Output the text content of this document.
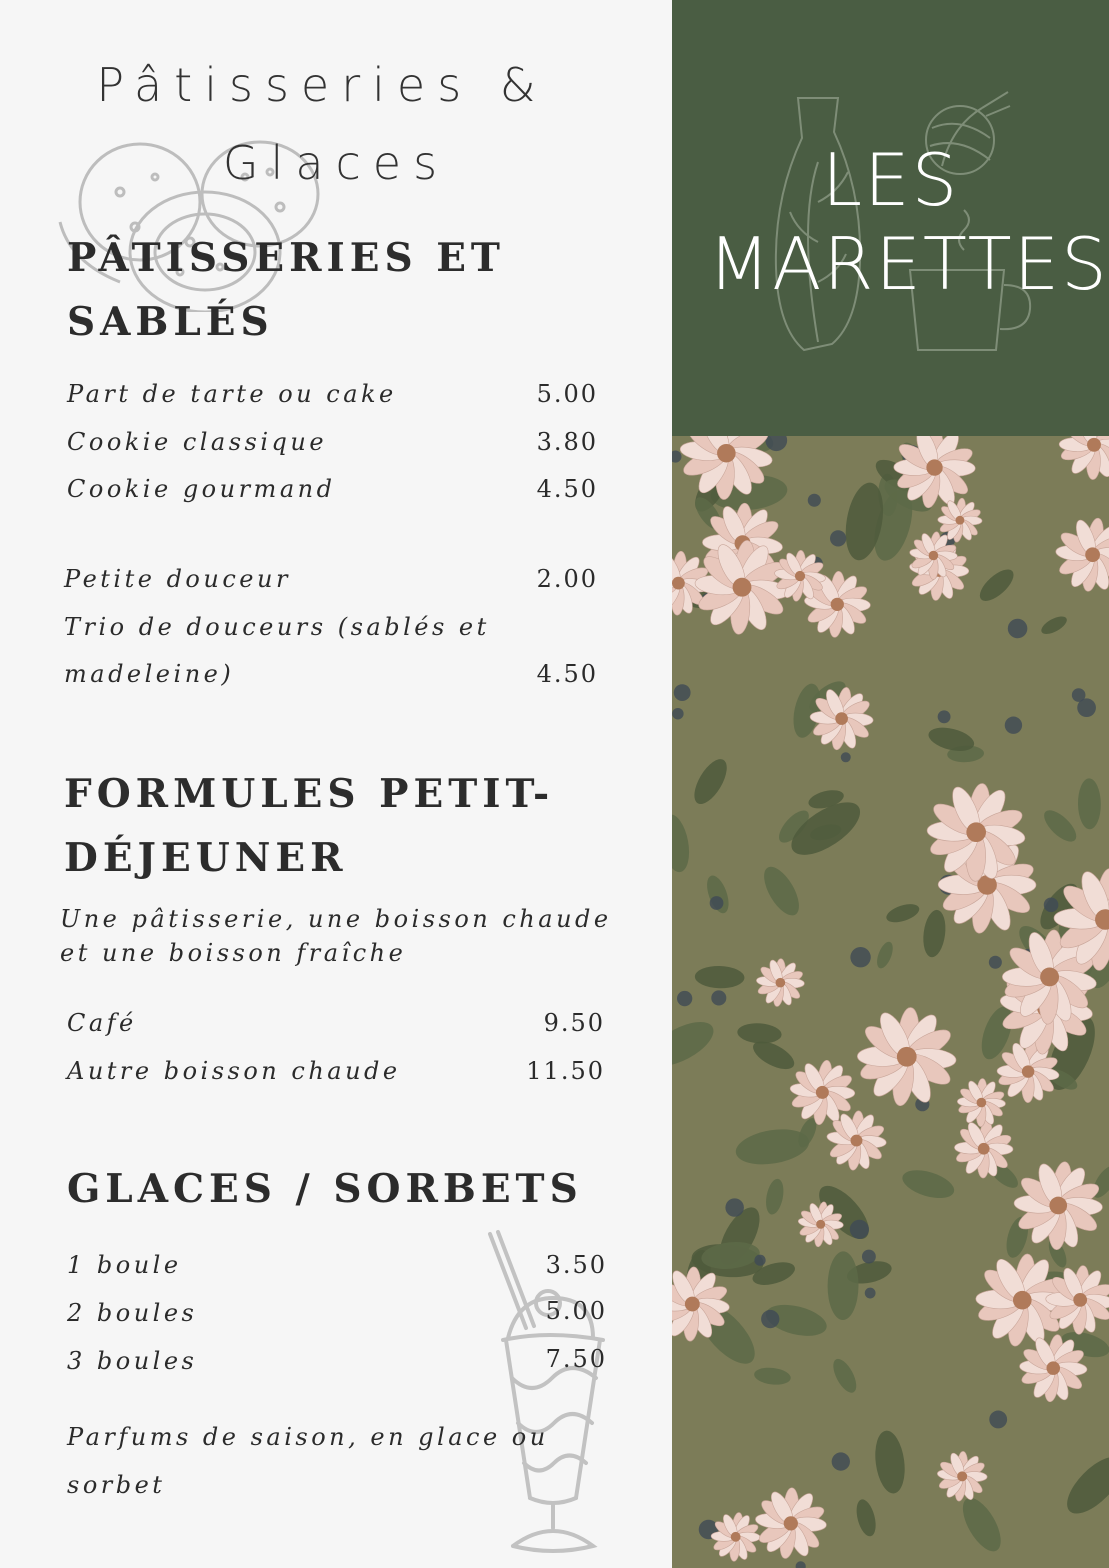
Pâtisseries &
Glaces
PÂTISSERIES ET
SABLÉS
Part de tarte ou cake	5.00
Cookie classique	3.80
Cookie gourmand	4.50
Petite douceur	2.00
Trio de douceurs (sablés et
madeleine)	4.50
FORMULES PETIT-
DÉJEUNER
Une pâtisserie, une boisson chaude
et une boisson fraîche
Café	9.50
Autre boisson chaude	11.50
GLACES / SORBETS
1 boule	3.50
2 boules	5.00
3 boules	7.50
Parfums de saison, en glace ou
sorbet
LES
MARETTES
